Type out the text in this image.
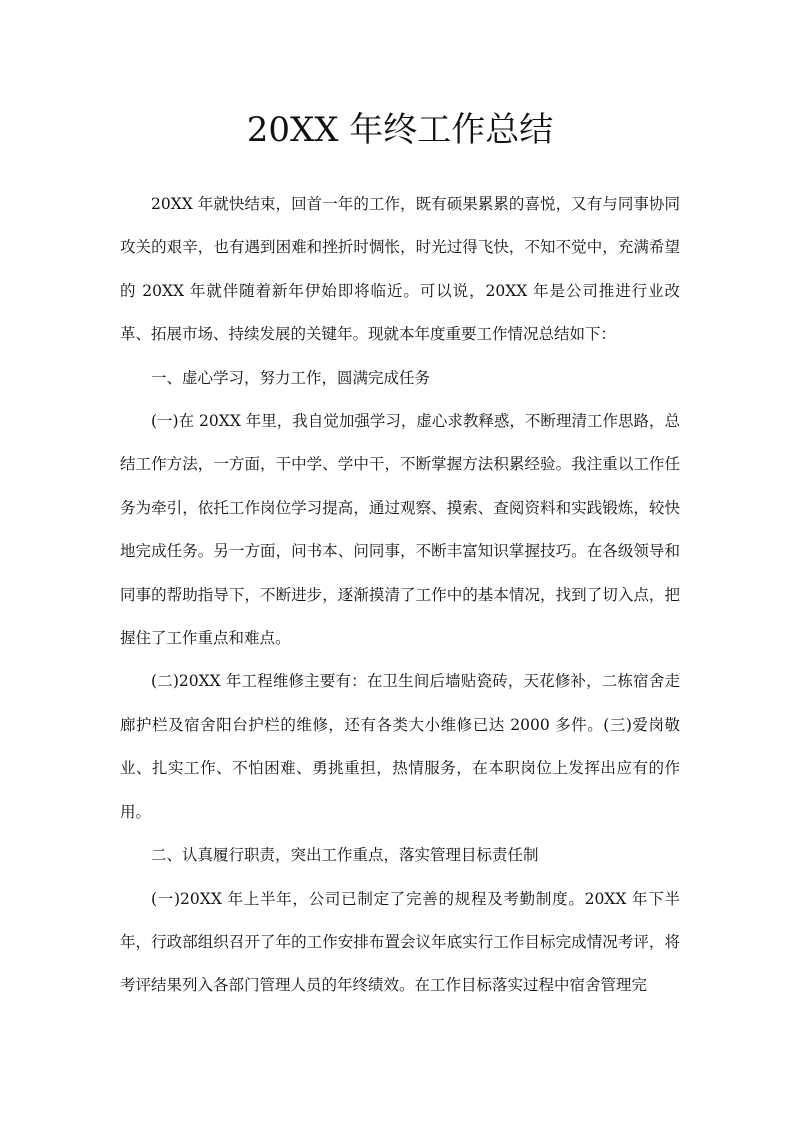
20XX 年终工作总结

20XX 年就快结束，回首一年的工作，既有硕果累累的喜悦，又有与同事协同攻关的艰辛，也有遇到困难和挫折时惆怅，时光过得飞快，不知不觉中，充满希望的 20XX 年就伴随着新年伊始即将临近。可以说，20XX 年是公司推进行业改革、拓展市场、持续发展的关键年。现就本年度重要工作情况总结如下：

一、虚心学习，努力工作，圆满完成任务

(一)在 20XX 年里，我自觉加强学习，虚心求教释惑，不断理清工作思路，总结工作方法，一方面，干中学、学中干，不断掌握方法积累经验。我注重以工作任务为牵引，依托工作岗位学习提高，通过观察、摸索、查阅资料和实践锻炼，较快地完成任务。另一方面，问书本、问同事，不断丰富知识掌握技巧。在各级领导和同事的帮助指导下，不断进步，逐渐摸清了工作中的基本情况，找到了切入点，把握住了工作重点和难点。

(二)20XX 年工程维修主要有：在卫生间后墙贴瓷砖，天花修补，二栋宿舍走廊护栏及宿舍阳台护栏的维修，还有各类大小维修已达 2000 多件。(三)爱岗敬业、扎实工作、不怕困难、勇挑重担，热情服务，在本职岗位上发挥出应有的作用。

二、认真履行职责，突出工作重点，落实管理目标责任制

(一)20XX 年上半年，公司已制定了完善的规程及考勤制度。20XX 年下半年，行政部组织召开了年的工作安排布置会议年底实行工作目标完成情况考评，将考评结果列入各部门管理人员的年终绩效。在工作目标落实过程中宿舍管理完
